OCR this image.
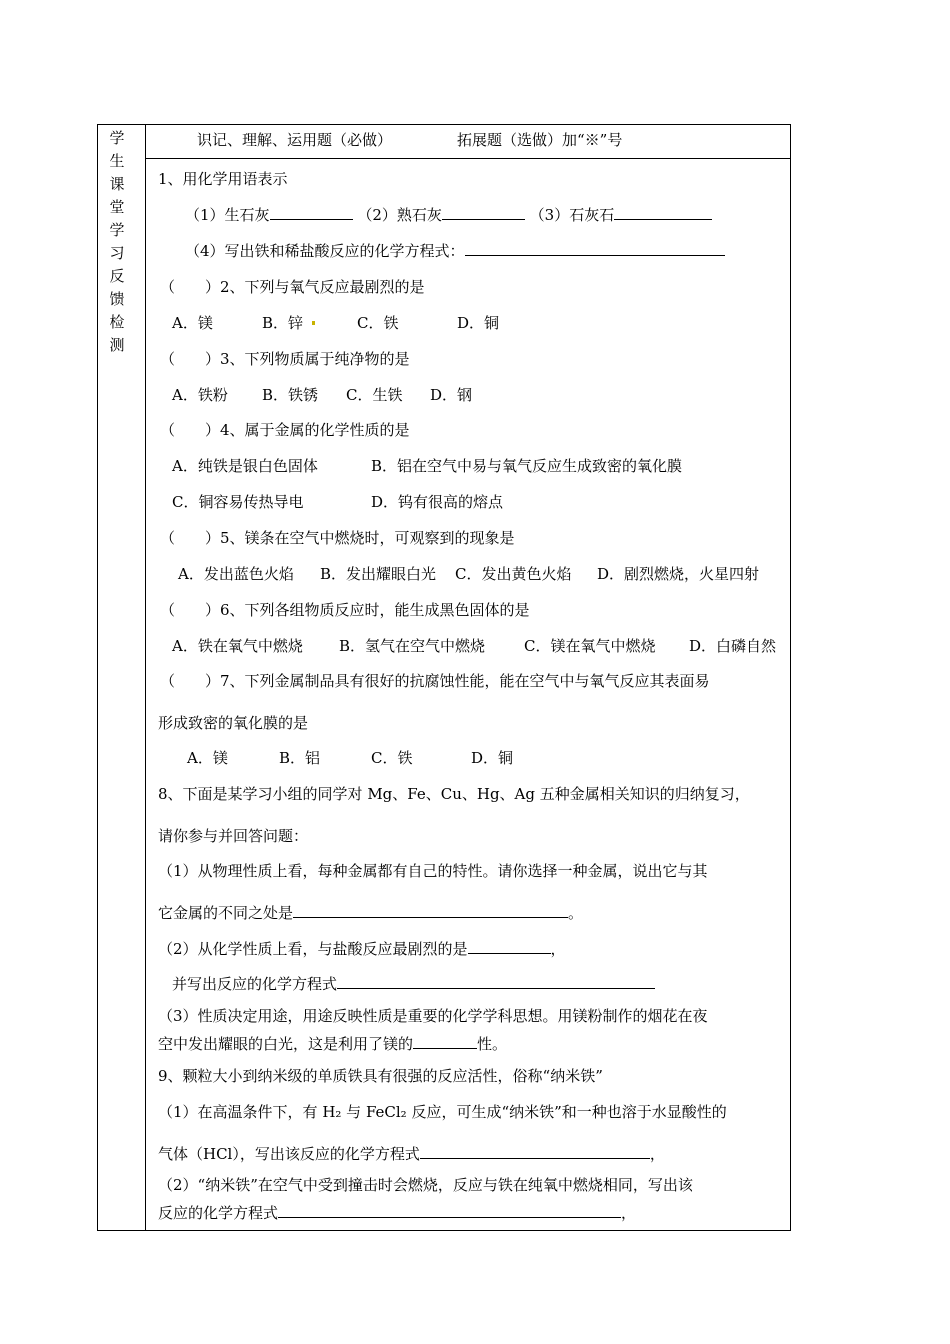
学
生
课
堂
学
习
反
馈
检
测
识记、理解、运用题（必做）	拓展题（选做）加“※”号
1、用化学用语表示
（1）生石灰	（2）熟石灰	（3）石灰石
（4）写出铁和稀盐酸反应的化学方程式：
（　　）2、下列与氧气反应最剧烈的是
A．镁	B．锌	C．铁	D．铜
（　　）3、下列物质属于纯净物的是
A．铁粉 B．铁锈 C．生铁 D．钢
（　　）4、属于金属的化学性质的是
A．纯铁是银白色固体	B．铝在空气中易与氧气反应生成致密的氧化膜
C．铜容易传热导电	D．钨有很高的熔点
（　　）5、镁条在空气中燃烧时，可观察到的现象是
A．发出蓝色火焰 B．发出耀眼白光 C．发出黄色火焰 D．剧烈燃烧，火星四射
（　　）6、下列各组物质反应时，能生成黑色固体的是
A．铁在氧气中燃烧 B．氢气在空气中燃烧	C．镁在氧气中燃烧 D．白磷自然
（　　）7、下列金属制品具有很好的抗腐蚀性能，能在空气中与氧气反应其表面易
形成致密的氧化膜的是
A．镁	B．铝	C．铁	D．铜
8、下面是某学习小组的同学对 Mg、Fe、Cu、Hg、Ag 五种金属相关知识的归纳复习，
请你参与并回答问题：
（1）从物理性质上看，每种金属都有自己的特性。请你选择一种金属，说出它与其
它金属的不同之处是	。
（2）从化学性质上看，与盐酸反应最剧烈的是	，
并写出反应的化学方程式
（3）性质决定用途，用途反映性质是重要的化学学科思想。用镁粉制作的烟花在夜
空中发出耀眼的白光，这是利用了镁的	性。
9、颗粒大小到纳米级的单质铁具有很强的反应活性，俗称“纳米铁”
（1）在高温条件下，有 H₂ 与 FeCl₂ 反应，可生成“纳米铁”和一种也溶于水显酸性的
气体（HCl），写出该反应的化学方程式	，
（2）“纳米铁”在空气中受到撞击时会燃烧，反应与铁在纯氧中燃烧相同，写出该
反应的化学方程式	，
